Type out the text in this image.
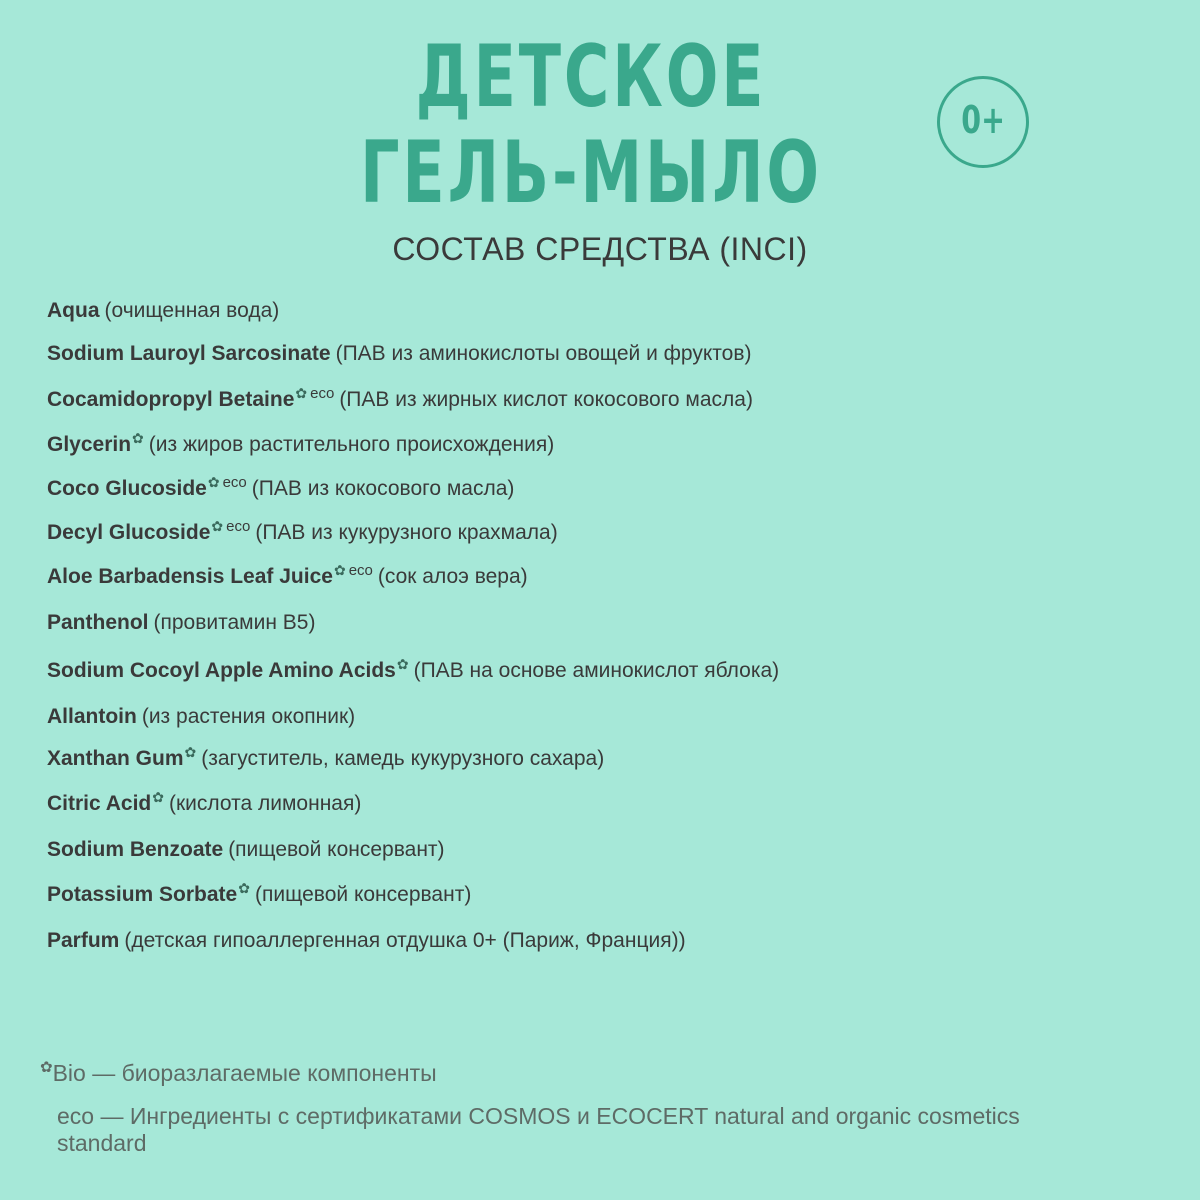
ДЕТСКОЕ
ГЕЛЬ-МЫЛО
0+
СОСТАВ СРЕДСТВА (INCI)
Aqua (очищенная вода)
Sodium Lauroyl Sarcosinate (ПАВ из аминокислоты овощей и фруктов)
Cocamidopropyl Betaine✿ $^{eco}$ (ПАВ из жирных кислот кокосового масла)
Glycerin✿ (из жиров растительного происхождения)
Coco Glucoside✿ $^{eco}$ (ПАВ из кокосового масла)
Decyl Glucoside✿ $^{eco}$ (ПАВ из кукурузного крахмала)
Aloe Barbadensis Leaf Juice✿ $^{eco}$ (сок алоэ вера)
Panthenol (провитамин B5)
Sodium Cocoyl Apple Amino Acids✿ (ПАВ на основе аминокислот яблока)
Allantoin (из растения окопник)
Xanthan Gum✿ (загуститель, камедь кукурузного сахара)
Citric Acid✿ (кислота лимонная)
Sodium Benzoate (пищевой консервант)
Potassium Sorbate✿ (пищевой консервант)
Parfum (детская гипоаллергенная отдушка 0+ (Париж, Франция))
✿Bio — биоразлагаемые компоненты
eco — Ингредиенты с сертификатами COSMOS и ECOCERT natural and organic cosmetics standard
